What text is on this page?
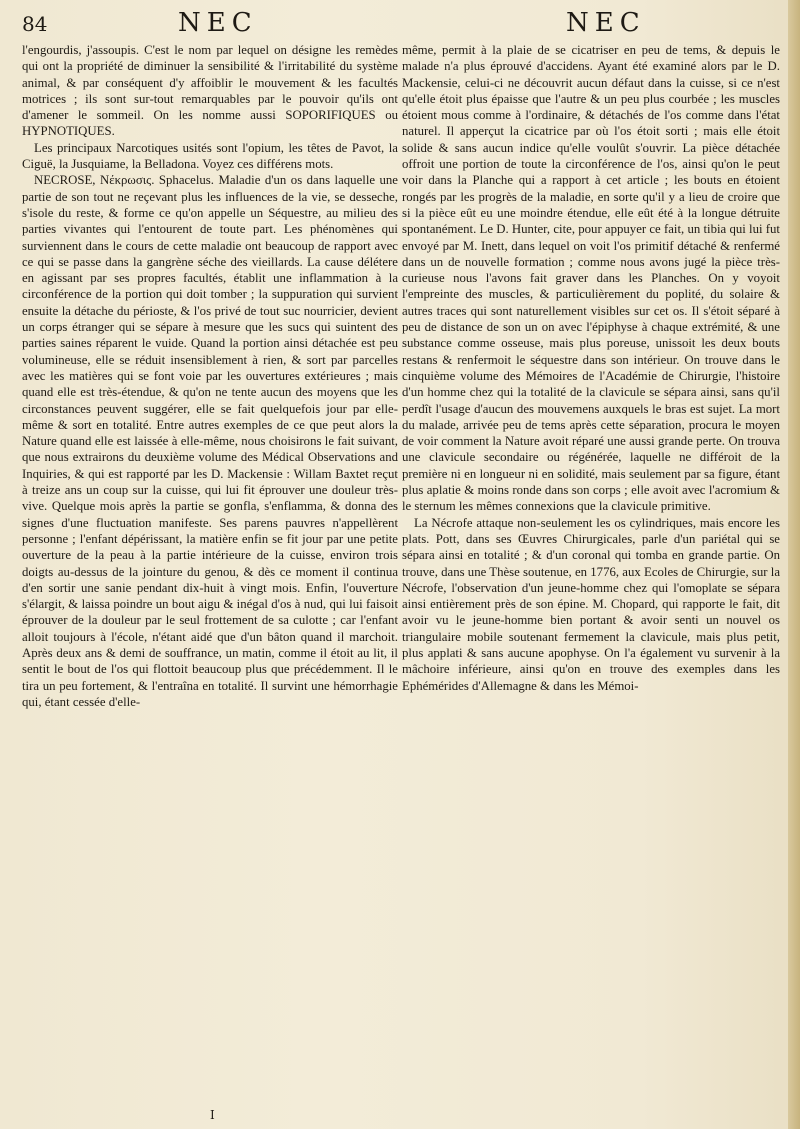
84	NEC	NEC

l'engourdis, j'assoupis. C'est le nom par lequel on désigne les remèdes qui ont la propriété de diminuer la sensibilité & l'irritabilité du système animal, & par conséquent d'y affoiblir le mouvement & les facultés motrices ; ils sont sur-tout remarquables par le pouvoir qu'ils ont d'amener le sommeil. On les nomme aussi SOPORIFIQUES ou HYPNOTIQUES.

Les principaux Narcotiques usités sont l'opium, les têtes de Pavot, la Ciguë, la Jusquiame, la Belladona. Voyez ces différens mots.

NECROSE, Νέκρωσις. Sphacelus. Maladie d'un os dans laquelle une partie de son tout ne reçevant plus les influences de la vie, se desseche, s'isole du reste, & forme ce qu'on appelle un Séquestre, au milieu des parties vivantes qui l'entourent de toute part. Les phénomènes qui surviennent dans le cours de cette maladie ont beaucoup de rapport avec ce qui se passe dans la gangrène séche des vieillards. La cause délétere en agissant par ses propres facultés, établit une inflammation à la circonférence de la portion qui doit tomber ; la suppuration qui survient ensuite la détache du périoste, & l'os privé de tout suc nourricier, devient un corps étranger qui se sépare à mesure que les sucs qui suintent des parties saines réparent le vuide. Quand la portion ainsi détachée est peu volumineuse, elle se réduit insensiblement à rien, & sort par parcelles avec les matières qui se font voie par les ouvertures extérieures ; mais quand elle est très-étendue, & qu'on ne tente aucun des moyens que les circonstances peuvent suggérer, elle se fait quelquefois jour par elle-même & sort en totalité. Entre autres exemples de ce que peut alors la Nature quand elle est laissée à elle-même, nous choisirons le fait suivant, que nous extrairons du deuxième volume des Médical Observations and Inquiries, & qui est rapporté par les D. Mackensie : Willam Baxtet reçut à treize ans un coup sur la cuisse, qui lui fit éprouver une douleur très-vive. Quelque mois après la partie se gonfla, s'enflamma, & donna des signes d'une fluctuation manifeste. Ses parens pauvres n'appellèrent personne ; l'enfant dépérissant, la matière enfin se fit jour par une petite ouverture de la peau à la partie intérieure de la cuisse, environ trois doigts au-dessus de la jointure du genou, & dès ce moment il continua d'en sortir une sanie pendant dix-huit à vingt mois. Enfin, l'ouverture s'élargit, & laissa poindre un bout aigu & inégal d'os à nud, qui lui faisoit éprouver de la douleur par le seul frottement de sa culotte ; car l'enfant alloit toujours à l'école, n'étant aidé que d'un bâton quand il marchoit. Après deux ans & demi de souffrance, un matin, comme il étoit au lit, il sentit le bout de l'os qui flottoit beaucoup plus que précédemment. Il le tira un peu fortement, & l'entraîna en totalité. Il survint une hémorrhagie qui, étant cessée d'elle-

même, permit à la plaie de se cicatriser en peu de tems, & depuis le malade n'a plus éprouvé d'accidens. Ayant été examiné alors par le D. Mackensie, celui-ci ne découvrit aucun défaut dans la cuisse, si ce n'est qu'elle étoit plus épaisse que l'autre & un peu plus courbée ; les muscles étoient mous comme à l'ordinaire, & détachés de l'os comme dans l'état naturel. Il apperçut la cicatrice par où l'os étoit sorti ; mais elle étoit solide & sans aucun indice qu'elle voulût s'ouvrir. La pièce détachée offroit une portion de toute la circonférence de l'os, ainsi qu'on le peut voir dans la Planche qui a rapport à cet article ; les bouts en étoient rongés par les progrès de la maladie, en sorte qu'il y a lieu de croire que si la pièce eût eu une moindre étendue, elle eût été à la longue détruite spontanément. Le D. Hunter, cite, pour appuyer ce fait, un tibia qui lui fut envoyé par M. Inett, dans lequel on voit l'os primitif détaché & renfermé dans un de nouvelle formation ; comme nous avons jugé la pièce très-curieuse nous l'avons fait graver dans les Planches. On y voyoit l'empreinte des muscles, & particulièrement du poplité, du solaire & autres traces qui sont naturellement visibles sur cet os. Il s'étoit séparé à peu de distance de son un on avec l'épiphyse à chaque extrémité, & une substance comme osseuse, mais plus poreuse, unissoit les deux bouts restans & renfermoit le séquestre dans son intérieur. On trouve dans le cinquième volume des Mémoires de l'Académie de Chirurgie, l'histoire d'un homme chez qui la totalité de la clavicule se sépara ainsi, sans qu'il perdît l'usage d'aucun des mouvemens auxquels le bras est sujet. La mort du malade, arrivée peu de tems après cette séparation, procura le moyen de voir comment la Nature avoit réparé une aussi grande perte. On trouva une clavicule secondaire ou régénérée, laquelle ne différoit de la première ni en longueur ni en solidité, mais seulement par sa figure, étant plus aplatie & moins ronde dans son corps ; elle avoit avec l'acromium & le sternum les mêmes connexions que la clavicule primitive.

La Nécrofe attaque non-seulement les os cylindriques, mais encore les plats. Pott, dans ses Œuvres Chirurgicales, parle d'un pariétal qui se sépara ainsi en totalité ; & d'un coronal qui tomba en grande partie. On trouve, dans une Thèse soutenue, en 1776, aux Ecoles de Chirurgie, sur la Nécrofe, l'observation d'un jeune-homme chez qui l'omoplate se sépara ainsi entièrement près de son épine. M. Chopard, qui rapporte le fait, dit avoir vu le jeune-homme bien portant & avoir senti un nouvel os triangulaire mobile soutenant fermement la clavicule, mais plus petit, plus applati & sans aucune apophyse. On l'a également vu survenir à la mâchoire inférieure, ainsi qu'on en trouve des exemples dans les Ephémérides d'Allemagne & dans les Mémoi-

I
